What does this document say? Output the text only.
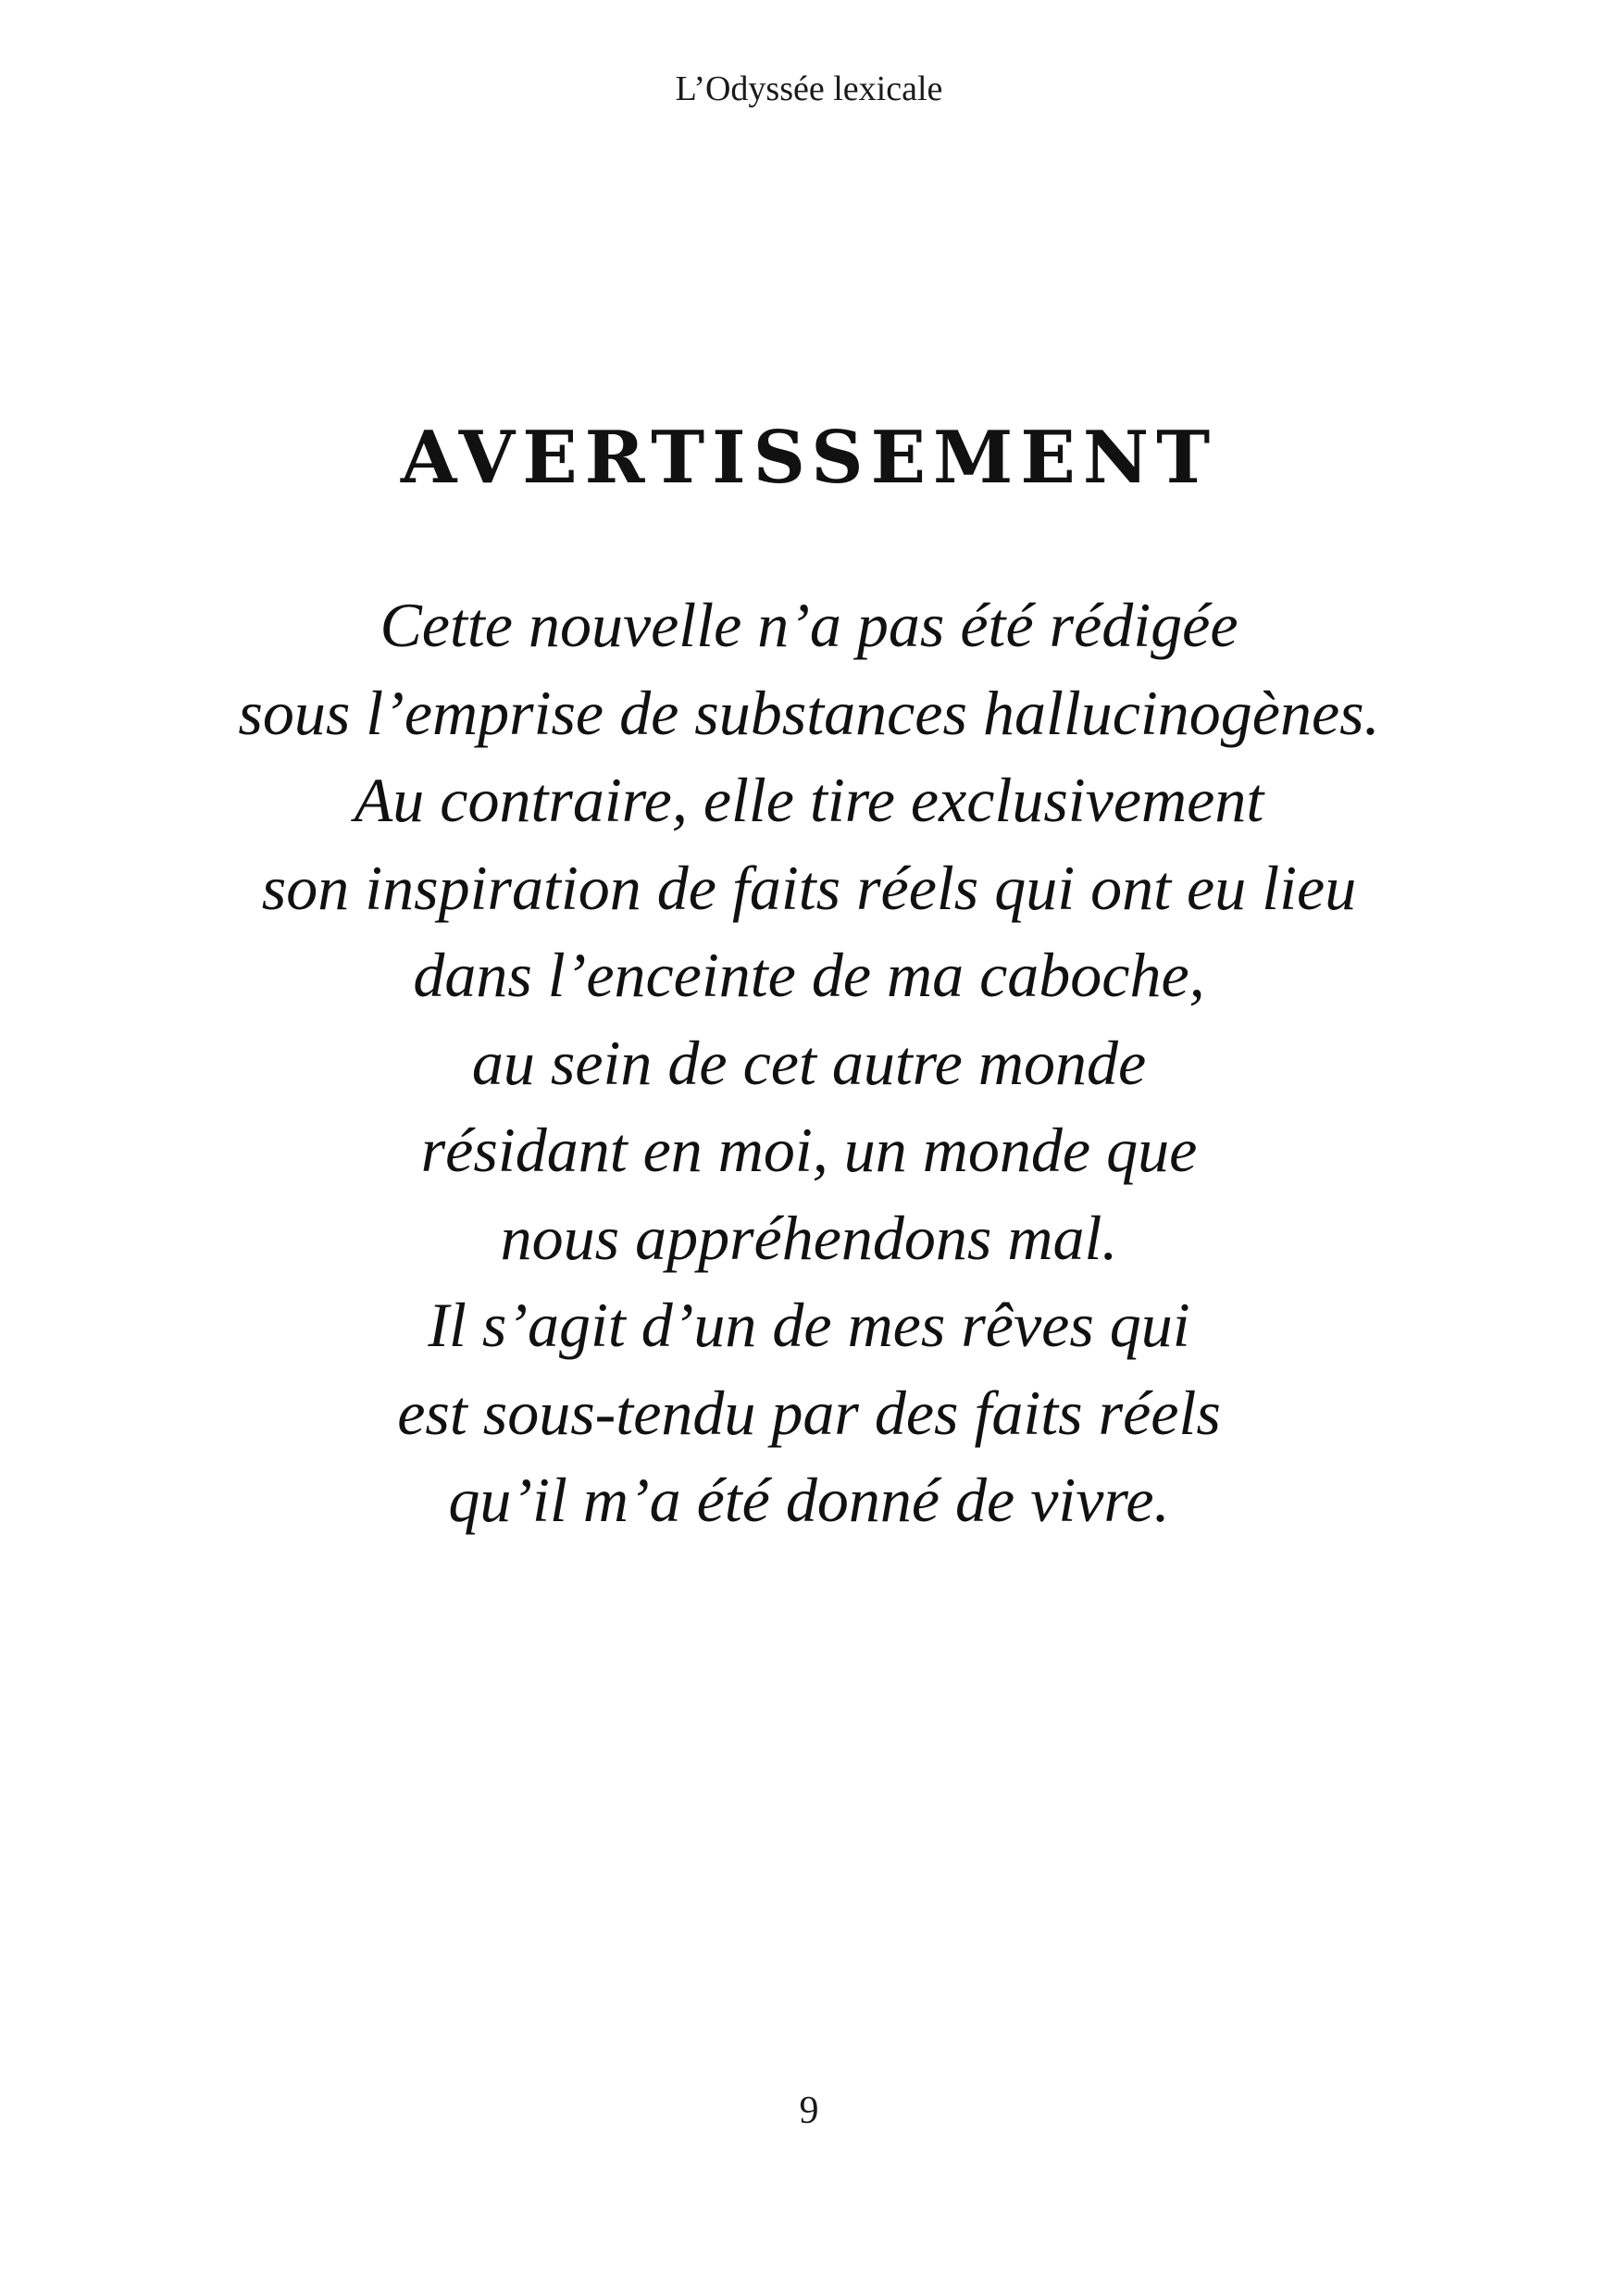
L’Odyssée lexicale
AVERTISSEMENT
Cette nouvelle n’a pas été rédigée
sous l’emprise de substances hallucinogènes.
Au contraire, elle tire exclusivement
son inspiration de faits réels qui ont eu lieu
dans l’enceinte de ma caboche,
au sein de cet autre monde
résidant en moi, un monde que
nous appréhendons mal.
Il s’agit d’un de mes rêves qui
est sous-tendu par des faits réels
qu’il m’a été donné de vivre.
9
